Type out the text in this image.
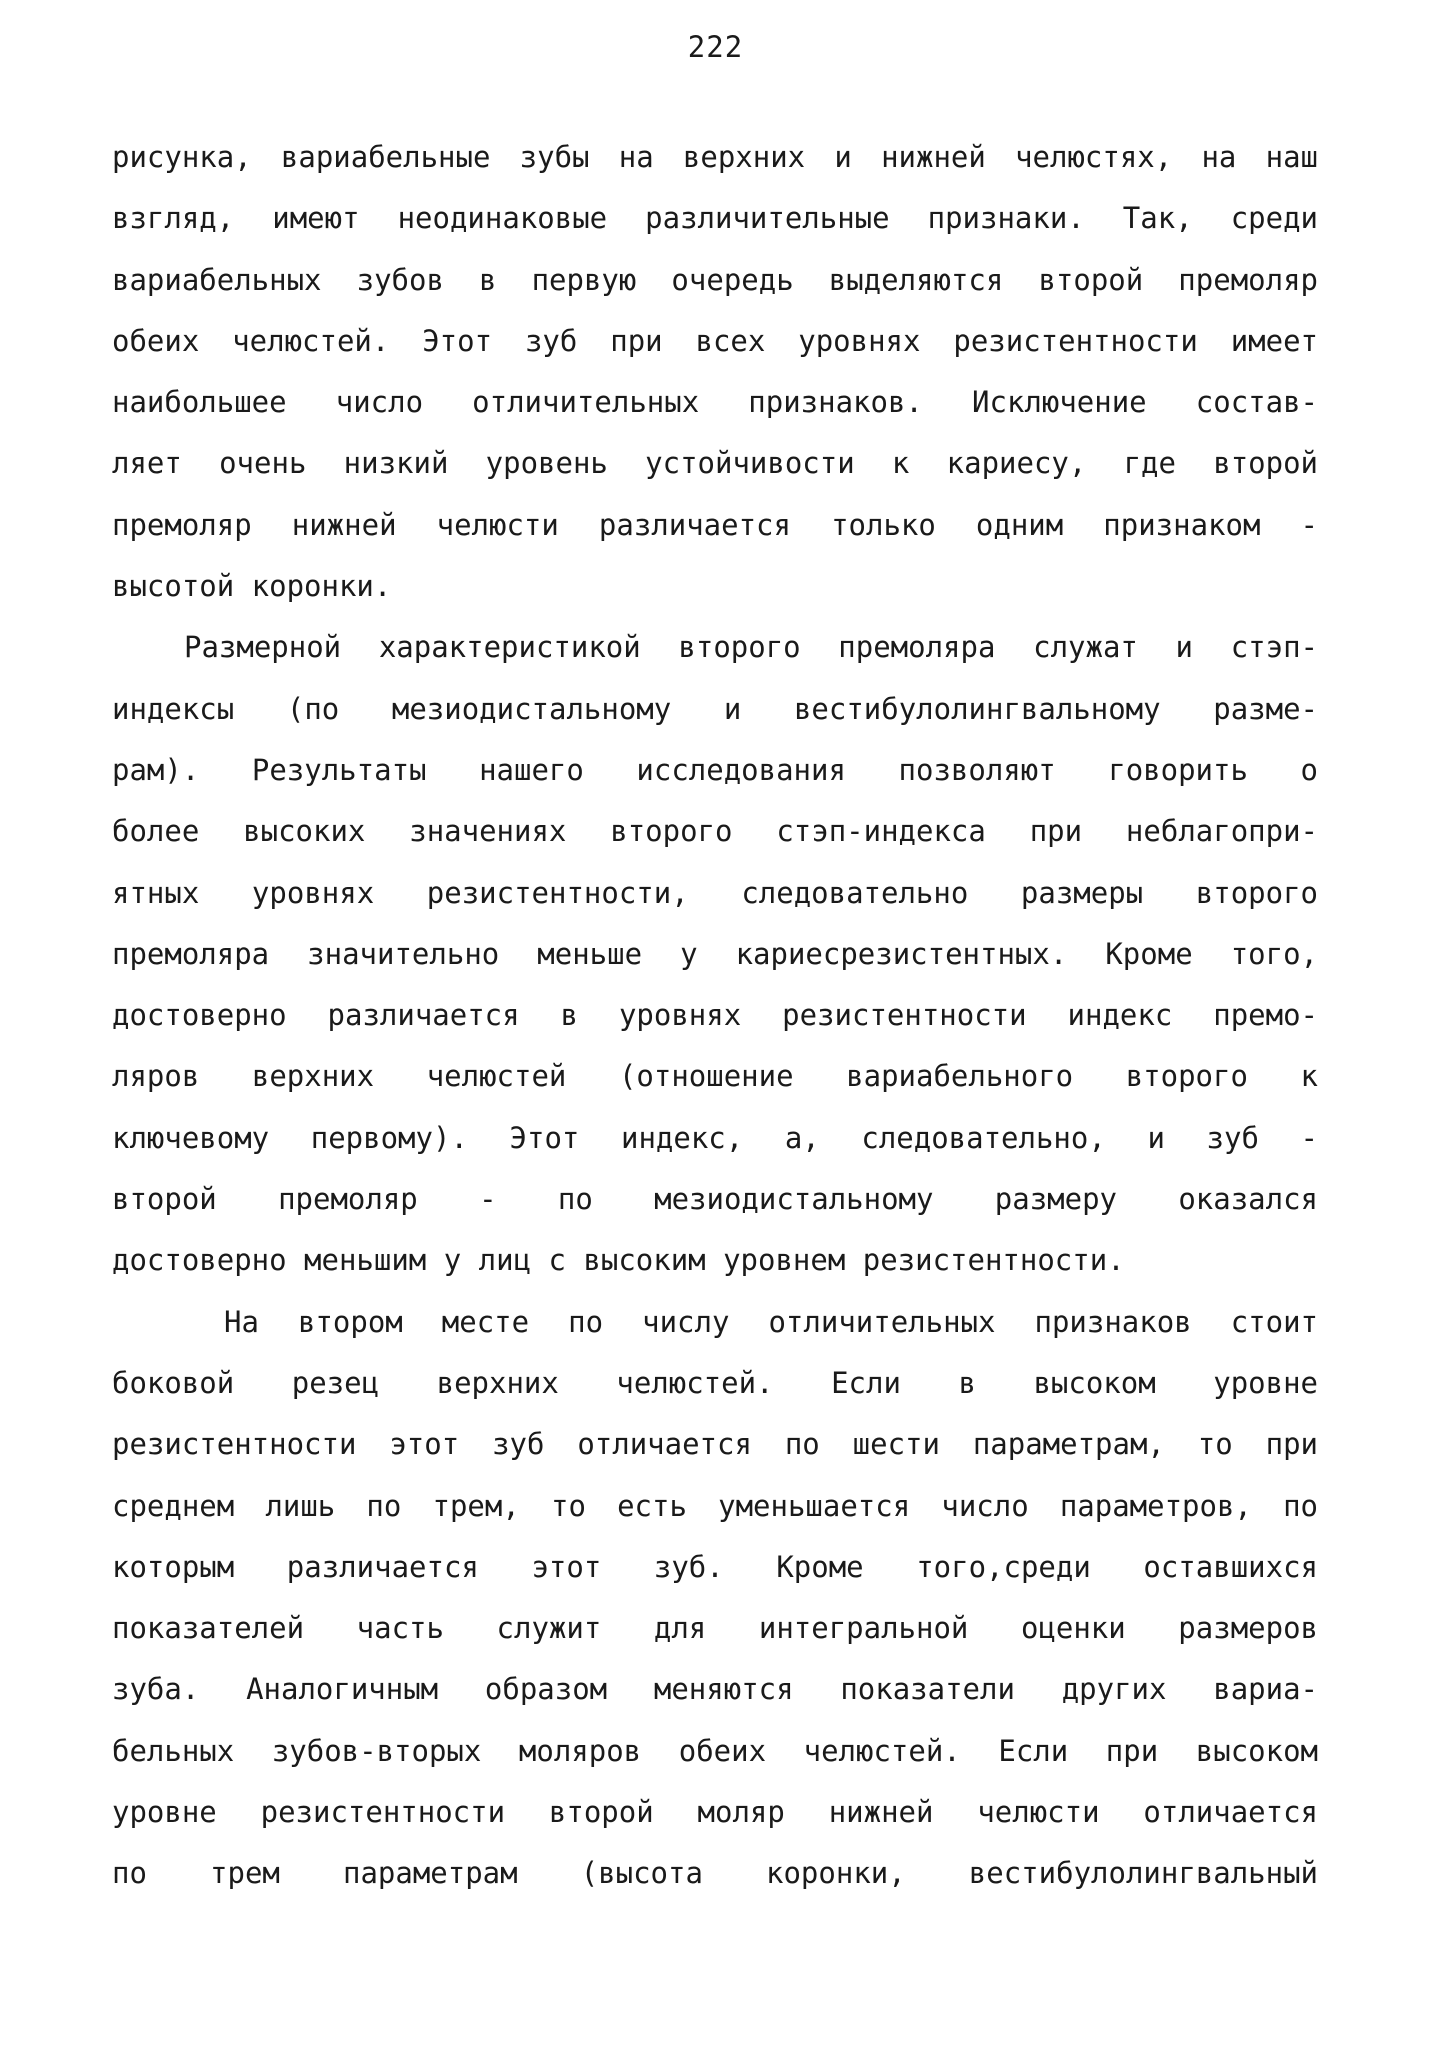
222
рисунка, вариабельные зубы на верхних и нижней челюстях, на наш
взгляд, имеют неодинаковые различительные признаки. Так, среди
вариабельных зубов в первую очередь выделяются второй премоляр
обеих челюстей. Этот зуб при всех уровнях резистентности имеет
наибольшее число отличительных признаков. Исключение состав-
ляет очень низкий уровень устойчивости к кариесу, где второй
премоляр нижней челюсти различается только одним признаком -
высотой коронки.
Размерной характеристикой второго премоляра служат и стэп-
индексы (по мезиодистальному и вестибулолингвальному разме-
рам). Результаты нашего исследования позволяют говорить о
более высоких значениях второго стэп-индекса при неблагопри-
ятных уровнях резистентности, следовательно размеры второго
премоляра значительно меньше у кариесрезистентных. Кроме того,
достоверно различается в уровнях резистентности индекс премо-
ляров верхних челюстей (отношение вариабельного второго к
ключевому первому). Этот индекс, а, следовательно, и зуб -
второй премоляр - по мезиодистальному размеру оказался
достоверно меньшим у лиц с высоким уровнем резистентности.
На втором месте по числу отличительных признаков стоит
боковой резец верхних челюстей. Если в высоком уровне
резистентности этот зуб отличается по шести параметрам, то при
среднем лишь по трем, то есть уменьшается число параметров, по
которым различается этот зуб. Кроме того,среди оставшихся
показателей часть служит для интегральной оценки размеров
зуба. Аналогичным образом меняются показатели других вариа-
бельных зубов-вторых моляров обеих челюстей. Если при высоком
уровне резистентности второй моляр нижней челюсти отличается
по трем параметрам (высота коронки, вестибулолингвальный
